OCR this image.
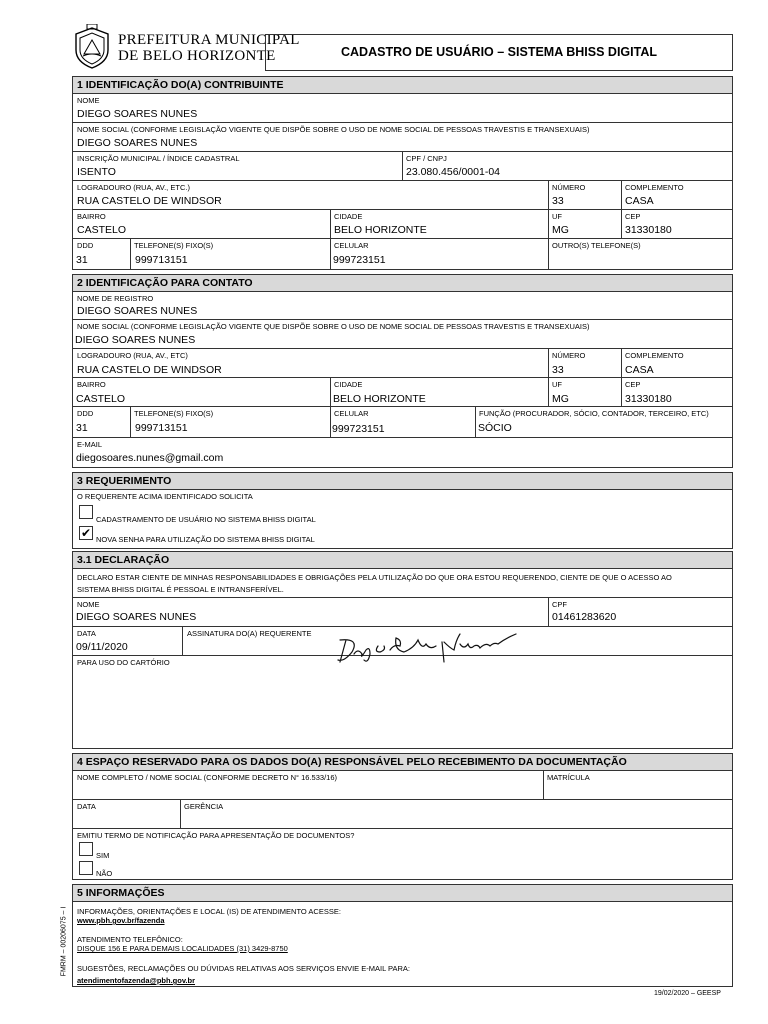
PREFEITURA MUNICIPAL
DE BELO HORIZONTE	CADASTRO DE USUÁRIO – SISTEMA BHISS DIGITAL
1 IDENTIFICAÇÃO DO(A) CONTRIBUINTE
NOME
DIEGO SOARES NUNES
NOME SOCIAL (CONFORME LEGISLAÇÃO VIGENTE QUE DISPÕE SOBRE O USO DE NOME SOCIAL DE PESSOAS TRAVESTIS E TRANSEXUAIS)
DIEGO SOARES NUNES
INSCRIÇÃO MUNICIPAL / ÍNDICE CADASTRAL
ISENTO
CPF / CNPJ
23.080.456/0001-04
LOGRADOURO (RUA, AV., ETC.)
RUA CASTELO DE WINDSOR
NÚMERO
33
COMPLEMENTO
CASA
BAIRRO
CASTELO
CIDADE
BELO HORIZONTE
UF
MG
CEP
31330180
DDD
31
TELEFONE(S) FIXO(S)
999713151
CELULAR
999723151
OUTRO(S) TELEFONE(S)
2 IDENTIFICAÇÃO PARA CONTATO
NOME DE REGISTRO
DIEGO SOARES NUNES
NOME SOCIAL (CONFORME LEGISLAÇÃO VIGENTE QUE DISPÕE SOBRE O USO DE NOME SOCIAL DE PESSOAS TRAVESTIS E TRANSEXUAIS)
DIEGO SOARES NUNES
LOGRADOURO (RUA, AV., ETC)
RUA CASTELO DE WINDSOR
NÚMERO
33
COMPLEMENTO
CASA
BAIRRO
CASTELO
CIDADE
BELO HORIZONTE
UF
MG
CEP
31330180
DDD
31
TELEFONE(S) FIXO(S)
999713151
CELULAR
999723151
FUNÇÃO (PROCURADOR, SÓCIO, CONTADOR, TERCEIRO, ETC)
SÓCIO
E-MAIL
diegosoares.nunes@gmail.com
3 REQUERIMENTO
O REQUERENTE ACIMA IDENTIFICADO SOLICITA
CADASTRAMENTO DE USUÁRIO NO SISTEMA BHISS DIGITAL
✔ NOVA SENHA PARA UTILIZAÇÃO DO SISTEMA BHISS DIGITAL
3.1 DECLARAÇÃO
DECLARO ESTAR CIENTE DE MINHAS RESPONSABILIDADES E OBRIGAÇÕES PELA UTILIZAÇÃO DO QUE ORA ESTOU REQUERENDO, CIENTE DE QUE O ACESSO AO
SISTEMA BHISS DIGITAL É PESSOAL E INTRANSFERÍVEL.
NOME
DIEGO SOARES NUNES
CPF
01461283620
DATA
09/11/2020
ASSINATURA DO(A) REQUERENTE
PARA USO DO CARTÓRIO
4 ESPAÇO RESERVADO PARA OS DADOS DO(A) RESPONSÁVEL PELO RECEBIMENTO DA DOCUMENTAÇÃO
NOME COMPLETO / NOME SOCIAL (CONFORME DECRETO N° 16.533/16)	MATRÍCULA
DATA	GERÊNCIA
EMITIU TERMO DE NOTIFICAÇÃO PARA APRESENTAÇÃO DE DOCUMENTOS?
SIM
NÃO
5 INFORMAÇÕES
INFORMAÇÕES, ORIENTAÇÕES E LOCAL (IS) DE ATENDIMENTO ACESSE:
www.pbh.gov.br/fazenda
ATENDIMENTO TELEFÔNICO:
DISQUE 156 E PARA DEMAIS LOCALIDADES (31) 3429-8750
SUGESTÕES, RECLAMAÇÕES OU DÚVIDAS RELATIVAS AOS SERVIÇOS ENVIE E-MAIL PARA:
atendimentofazenda@pbh.gov.br
FMRM – 00206075 – I
19/02/2020 – GEESP
